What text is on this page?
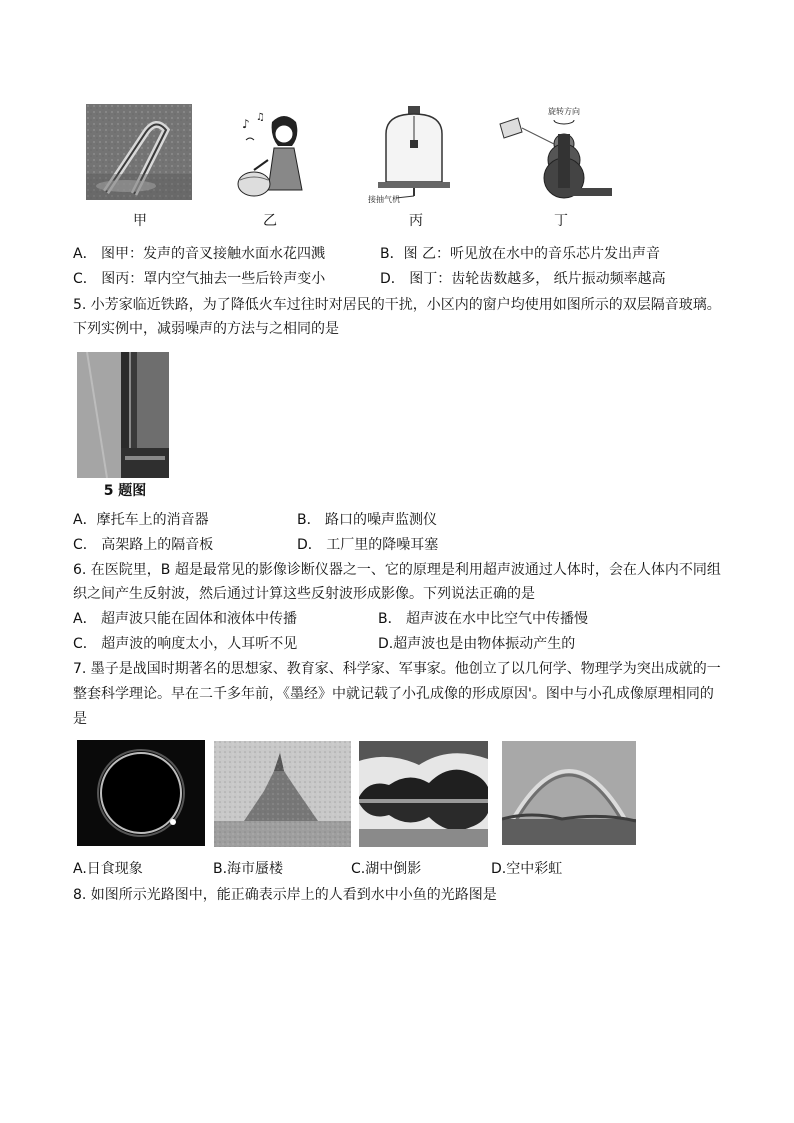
♪ ♫
接抽气机
旋转方向
甲	乙	丙	丁
A． 图甲：发声的音叉接触水面水花四溅	B．图 乙：听见放在水中的音乐芯片发出声音
C． 图丙：罩内空气抽去一些后铃声变小	D． 图丁：齿轮齿数越多， 纸片振动频率越高
5. 小芳家临近铁路，为了降低火车过往时对居民的干扰，小区内的窗户均使用如图所示的双层隔音玻璃。
下列实例中，减弱噪声的方法与之相同的是
5 题图
A．摩托车上的消音器	B． 路口的噪声监测仪
C． 高架路上的隔音板	D． 工厂里的降噪耳塞
6. 在医院里，B 超是最常见的影像诊断仪器之一、它的原理是利用超声波通过人体时，会在人体内不同组
织之间产生反射波，然后通过计算这些反射波形成影像。下列说法正确的是
A． 超声波只能在固体和液体中传播	B． 超声波在水中比空气中传播慢
C． 超声波的响度太小，人耳听不见	D.超声波也是由物体振动产生的
7. 墨子是战国时期著名的思想家、教育家、科学家、军事家。他创立了以几何学、物理学为突出成就的一
整套科学理论。早在二千多年前，《墨经》中就记载了小孔成像的形成原因'。图中与小孔成像原理相同的
是
A.日食现象	B.海市蜃楼	C.湖中倒影	D.空中彩虹
8. 如图所示光路图中，能正确表示岸上的人看到水中小鱼的光路图是
